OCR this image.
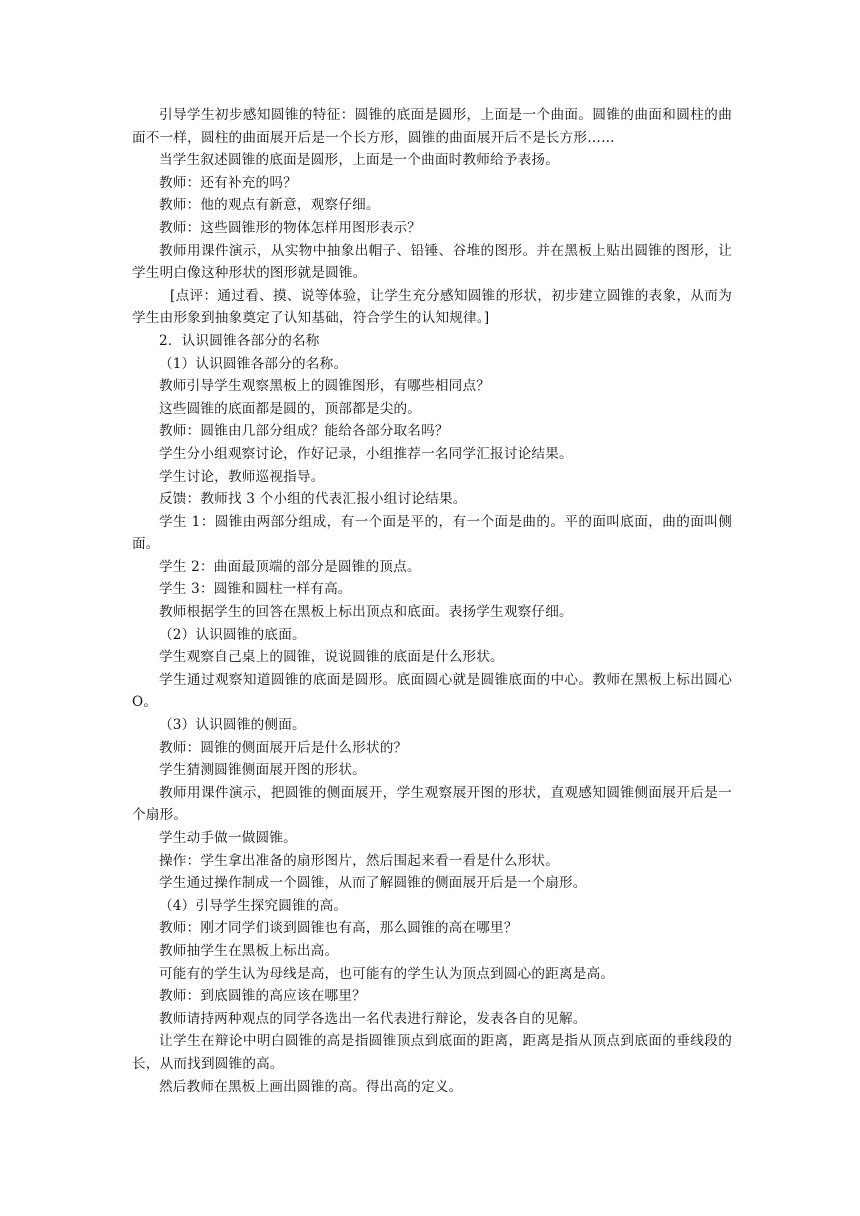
引导学生初步感知圆锥的特征：圆锥的底面是圆形，上面是一个曲面。圆锥的曲面和圆柱的曲面不一样，圆柱的曲面展开后是一个长方形，圆锥的曲面展开后不是长方形……

当学生叙述圆锥的底面是圆形，上面是一个曲面时教师给予表扬。

教师：还有补充的吗？

教师：他的观点有新意，观察仔细。

教师：这些圆锥形的物体怎样用图形表示？

教师用课件演示，从实物中抽象出帽子、铅锤、谷堆的图形。并在黑板上贴出圆锥的图形，让学生明白像这种形状的图形就是圆锥。

[点评：通过看、摸、说等体验，让学生充分感知圆锥的形状，初步建立圆锥的表象，从而为学生由形象到抽象奠定了认知基础，符合学生的认知规律。]

2．认识圆锥各部分的名称

（1）认识圆锥各部分的名称。

教师引导学生观察黑板上的圆锥图形，有哪些相同点？

这些圆锥的底面都是圆的，顶部都是尖的。

教师：圆锥由几部分组成？能给各部分取名吗？

学生分小组观察讨论，作好记录，小组推荐一名同学汇报讨论结果。

学生讨论，教师巡视指导。

反馈：教师找 3 个小组的代表汇报小组讨论结果。

学生 1：圆锥由两部分组成，有一个面是平的，有一个面是曲的。平的面叫底面，曲的面叫侧面。

学生 2：曲面最顶端的部分是圆锥的顶点。

学生 3：圆锥和圆柱一样有高。

教师根据学生的回答在黑板上标出顶点和底面。表扬学生观察仔细。

（2）认识圆锥的底面。

学生观察自己桌上的圆锥，说说圆锥的底面是什么形状。

学生通过观察知道圆锥的底面是圆形。底面圆心就是圆锥底面的中心。教师在黑板上标出圆心 O。

（3）认识圆锥的侧面。

教师：圆锥的侧面展开后是什么形状的？

学生猜测圆锥侧面展开图的形状。

教师用课件演示，把圆锥的侧面展开，学生观察展开图的形状，直观感知圆锥侧面展开后是一个扇形。

学生动手做一做圆锥。

操作：学生拿出准备的扇形图片，然后围起来看一看是什么形状。

学生通过操作制成一个圆锥，从而了解圆锥的侧面展开后是一个扇形。

（4）引导学生探究圆锥的高。

教师：刚才同学们谈到圆锥也有高，那么圆锥的高在哪里？

教师抽学生在黑板上标出高。

可能有的学生认为母线是高，也可能有的学生认为顶点到圆心的距离是高。

教师：到底圆锥的高应该在哪里？

教师请持两种观点的同学各选出一名代表进行辩论，发表各自的见解。

让学生在辩论中明白圆锥的高是指圆锥顶点到底面的距离，距离是指从顶点到底面的垂线段的长，从而找到圆锥的高。

然后教师在黑板上画出圆锥的高。得出高的定义。
